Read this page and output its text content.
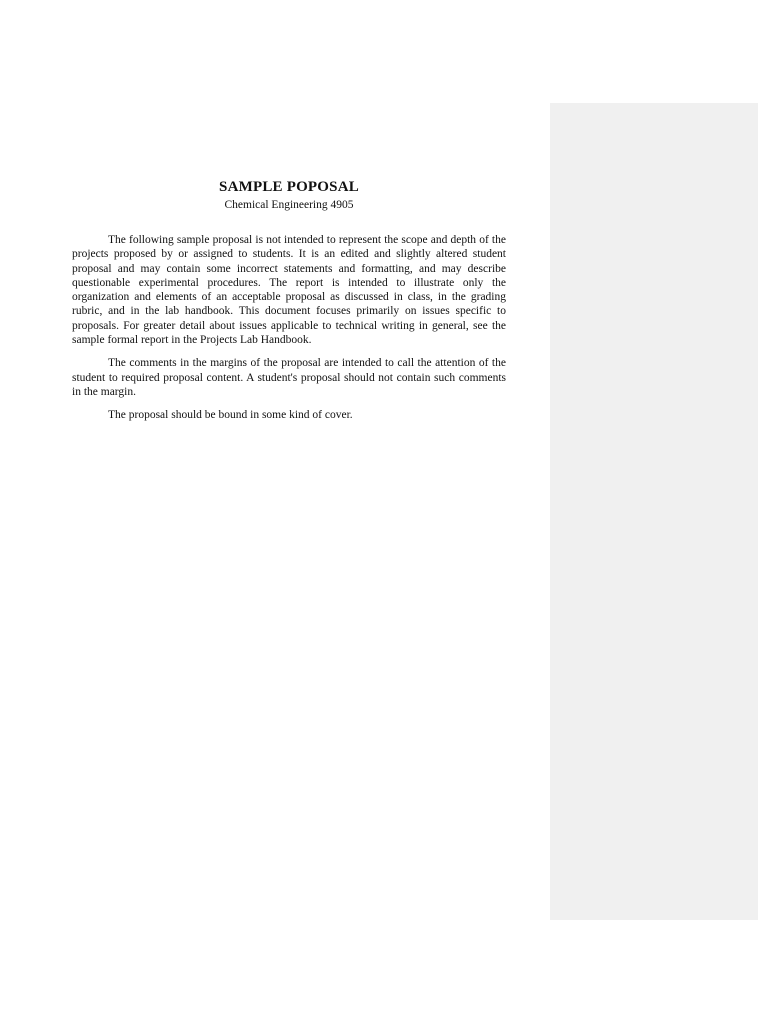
SAMPLE POPOSAL
Chemical Engineering 4905

The following sample proposal is not intended to represent the scope and depth of the projects proposed by or assigned to students. It is an edited and slightly altered student proposal and may contain some incorrect statements and formatting, and may describe questionable experimental procedures. The report is intended to illustrate only the organization and elements of an acceptable proposal as discussed in class, in the grading rubric, and in the lab handbook. This document focuses primarily on issues specific to proposals. For greater detail about issues applicable to technical writing in general, see the sample formal report in the Projects Lab Handbook.

The comments in the margins of the proposal are intended to call the attention of the student to required proposal content. A student's proposal should not contain such comments in the margin.

The proposal should be bound in some kind of cover.
